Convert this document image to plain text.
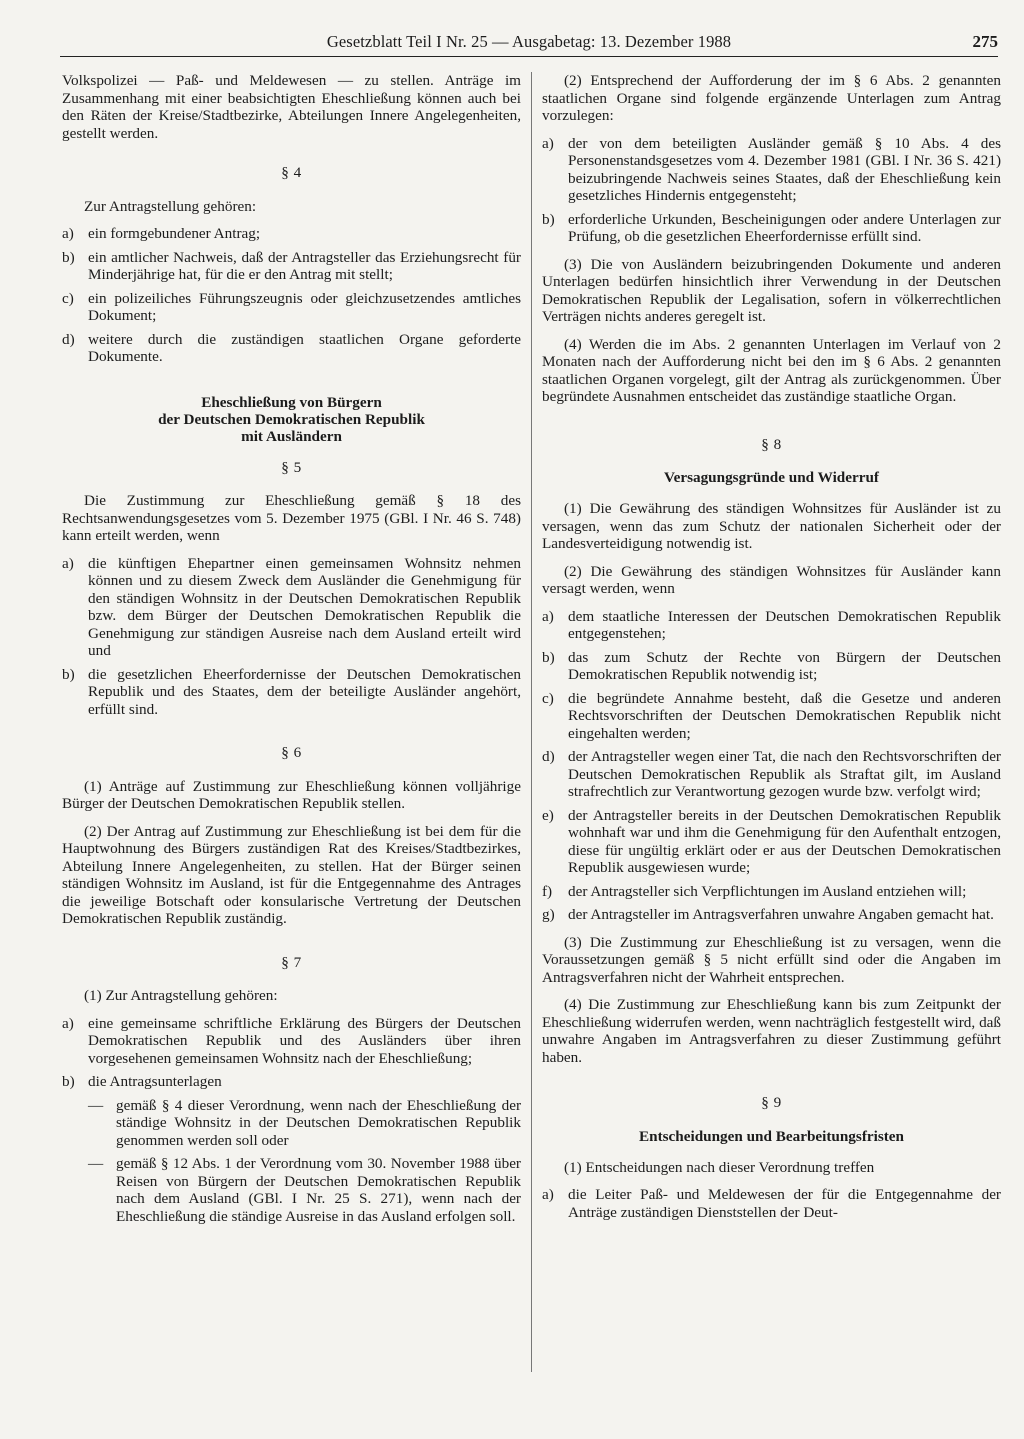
Gesetzblatt Teil I Nr. 25 — Ausgabetag: 13. Dezember 1988	275

Volkspolizei — Paß- und Meldewesen — zu stellen. Anträge im Zusammenhang mit einer beabsichtigten Eheschließung können auch bei den Räten der Kreise/Stadtbezirke, Abteilungen Innere Angelegenheiten, gestellt werden.

§ 4

Zur Antragstellung gehören:

a) ein formgebundener Antrag;
b) ein amtlicher Nachweis, daß der Antragsteller das Erziehungsrecht für Minderjährige hat, für die er den Antrag mit stellt;
c) ein polizeiliches Führungszeugnis oder gleichzusetzendes amtliches Dokument;
d) weitere durch die zuständigen staatlichen Organe geforderte Dokumente.
Eheschließung von Bürgern
der Deutschen Demokratischen Republik
mit Ausländern
§ 5

Die Zustimmung zur Eheschließung gemäß § 18 des Rechtsanwendungsgesetzes vom 5. Dezember 1975 (GBl. I Nr. 46 S. 748) kann erteilt werden, wenn

a) die künftigen Ehepartner einen gemeinsamen Wohnsitz nehmen können und zu diesem Zweck dem Ausländer die Genehmigung für den ständigen Wohnsitz in der Deutschen Demokratischen Republik bzw. dem Bürger der Deutschen Demokratischen Republik die Genehmigung zur ständigen Ausreise nach dem Ausland erteilt wird und
b) die gesetzlichen Eheerfordernisse der Deutschen Demokratischen Republik und des Staates, dem der beteiligte Ausländer angehört, erfüllt sind.
§ 6

(1) Anträge auf Zustimmung zur Eheschließung können volljährige Bürger der Deutschen Demokratischen Republik stellen.

(2) Der Antrag auf Zustimmung zur Eheschließung ist bei dem für die Hauptwohnung des Bürgers zuständigen Rat des Kreises/Stadtbezirkes, Abteilung Innere Angelegenheiten, zu stellen. Hat der Bürger seinen ständigen Wohnsitz im Ausland, ist für die Entgegennahme des Antrages die jeweilige Botschaft oder konsularische Vertretung der Deutschen Demokratischen Republik zuständig.

§ 7

(1) Zur Antragstellung gehören:

a) eine gemeinsame schriftliche Erklärung des Bürgers der Deutschen Demokratischen Republik und des Ausländers über ihren vorgesehenen gemeinsamen Wohnsitz nach der Eheschließung;
b) die Antragsunterlagen
— gemäß § 4 dieser Verordnung, wenn nach der Eheschließung der ständige Wohnsitz in der Deutschen Demokratischen Republik genommen werden soll oder
— gemäß § 12 Abs. 1 der Verordnung vom 30. November 1988 über Reisen von Bürgern der Deutschen Demokratischen Republik nach dem Ausland (GBl. I Nr. 25 S. 271), wenn nach der Eheschließung die ständige Ausreise in das Ausland erfolgen soll.

(2) Entsprechend der Aufforderung der im § 6 Abs. 2 genannten staatlichen Organe sind folgende ergänzende Unterlagen zum Antrag vorzulegen:

a) der von dem beteiligten Ausländer gemäß § 10 Abs. 4 des Personenstandsgesetzes vom 4. Dezember 1981 (GBl. I Nr. 36 S. 421) beizubringende Nachweis seines Staates, daß der Eheschließung kein gesetzliches Hindernis entgegensteht;
b) erforderliche Urkunden, Bescheinigungen oder andere Unterlagen zur Prüfung, ob die gesetzlichen Eheerfordernisse erfüllt sind.

(3) Die von Ausländern beizubringenden Dokumente und anderen Unterlagen bedürfen hinsichtlich ihrer Verwendung in der Deutschen Demokratischen Republik der Legalisation, sofern in völkerrechtlichen Verträgen nichts anderes geregelt ist.

(4) Werden die im Abs. 2 genannten Unterlagen im Verlauf von 2 Monaten nach der Aufforderung nicht bei den im § 6 Abs. 2 genannten staatlichen Organen vorgelegt, gilt der Antrag als zurückgenommen. Über begründete Ausnahmen entscheidet das zuständige staatliche Organ.

§ 8
Versagungsgründe und Widerruf

(1) Die Gewährung des ständigen Wohnsitzes für Ausländer ist zu versagen, wenn das zum Schutz der nationalen Sicherheit oder der Landesverteidigung notwendig ist.

(2) Die Gewährung des ständigen Wohnsitzes für Ausländer kann versagt werden, wenn

a) dem staatliche Interessen der Deutschen Demokratischen Republik entgegenstehen;
b) das zum Schutz der Rechte von Bürgern der Deutschen Demokratischen Republik notwendig ist;
c) die begründete Annahme besteht, daß die Gesetze und anderen Rechtsvorschriften der Deutschen Demokratischen Republik nicht eingehalten werden;
d) der Antragsteller wegen einer Tat, die nach den Rechtsvorschriften der Deutschen Demokratischen Republik als Straftat gilt, im Ausland strafrechtlich zur Verantwortung gezogen wurde bzw. verfolgt wird;
e) der Antragsteller bereits in der Deutschen Demokratischen Republik wohnhaft war und ihm die Genehmigung für den Aufenthalt entzogen, diese für ungültig erklärt oder er aus der Deutschen Demokratischen Republik ausgewiesen wurde;
f)	der Antragsteller sich Verpflichtungen im Ausland entziehen will;
g) der Antragsteller im Antragsverfahren unwahre Angaben gemacht hat.

(3) Die Zustimmung zur Eheschließung ist zu versagen, wenn die Voraussetzungen gemäß § 5 nicht erfüllt sind oder die Angaben im Antragsverfahren nicht der Wahrheit entsprechen.

(4) Die Zustimmung zur Eheschließung kann bis zum Zeitpunkt der Eheschließung widerrufen werden, wenn nachträglich festgestellt wird, daß unwahre Angaben im Antragsverfahren zu dieser Zustimmung geführt haben.

§ 9
Entscheidungen und Bearbeitungsfristen

(1) Entscheidungen nach dieser Verordnung treffen

a) die Leiter Paß- und Meldewesen der für die Entgegennahme der Anträge zuständigen Dienststellen der Deut-
